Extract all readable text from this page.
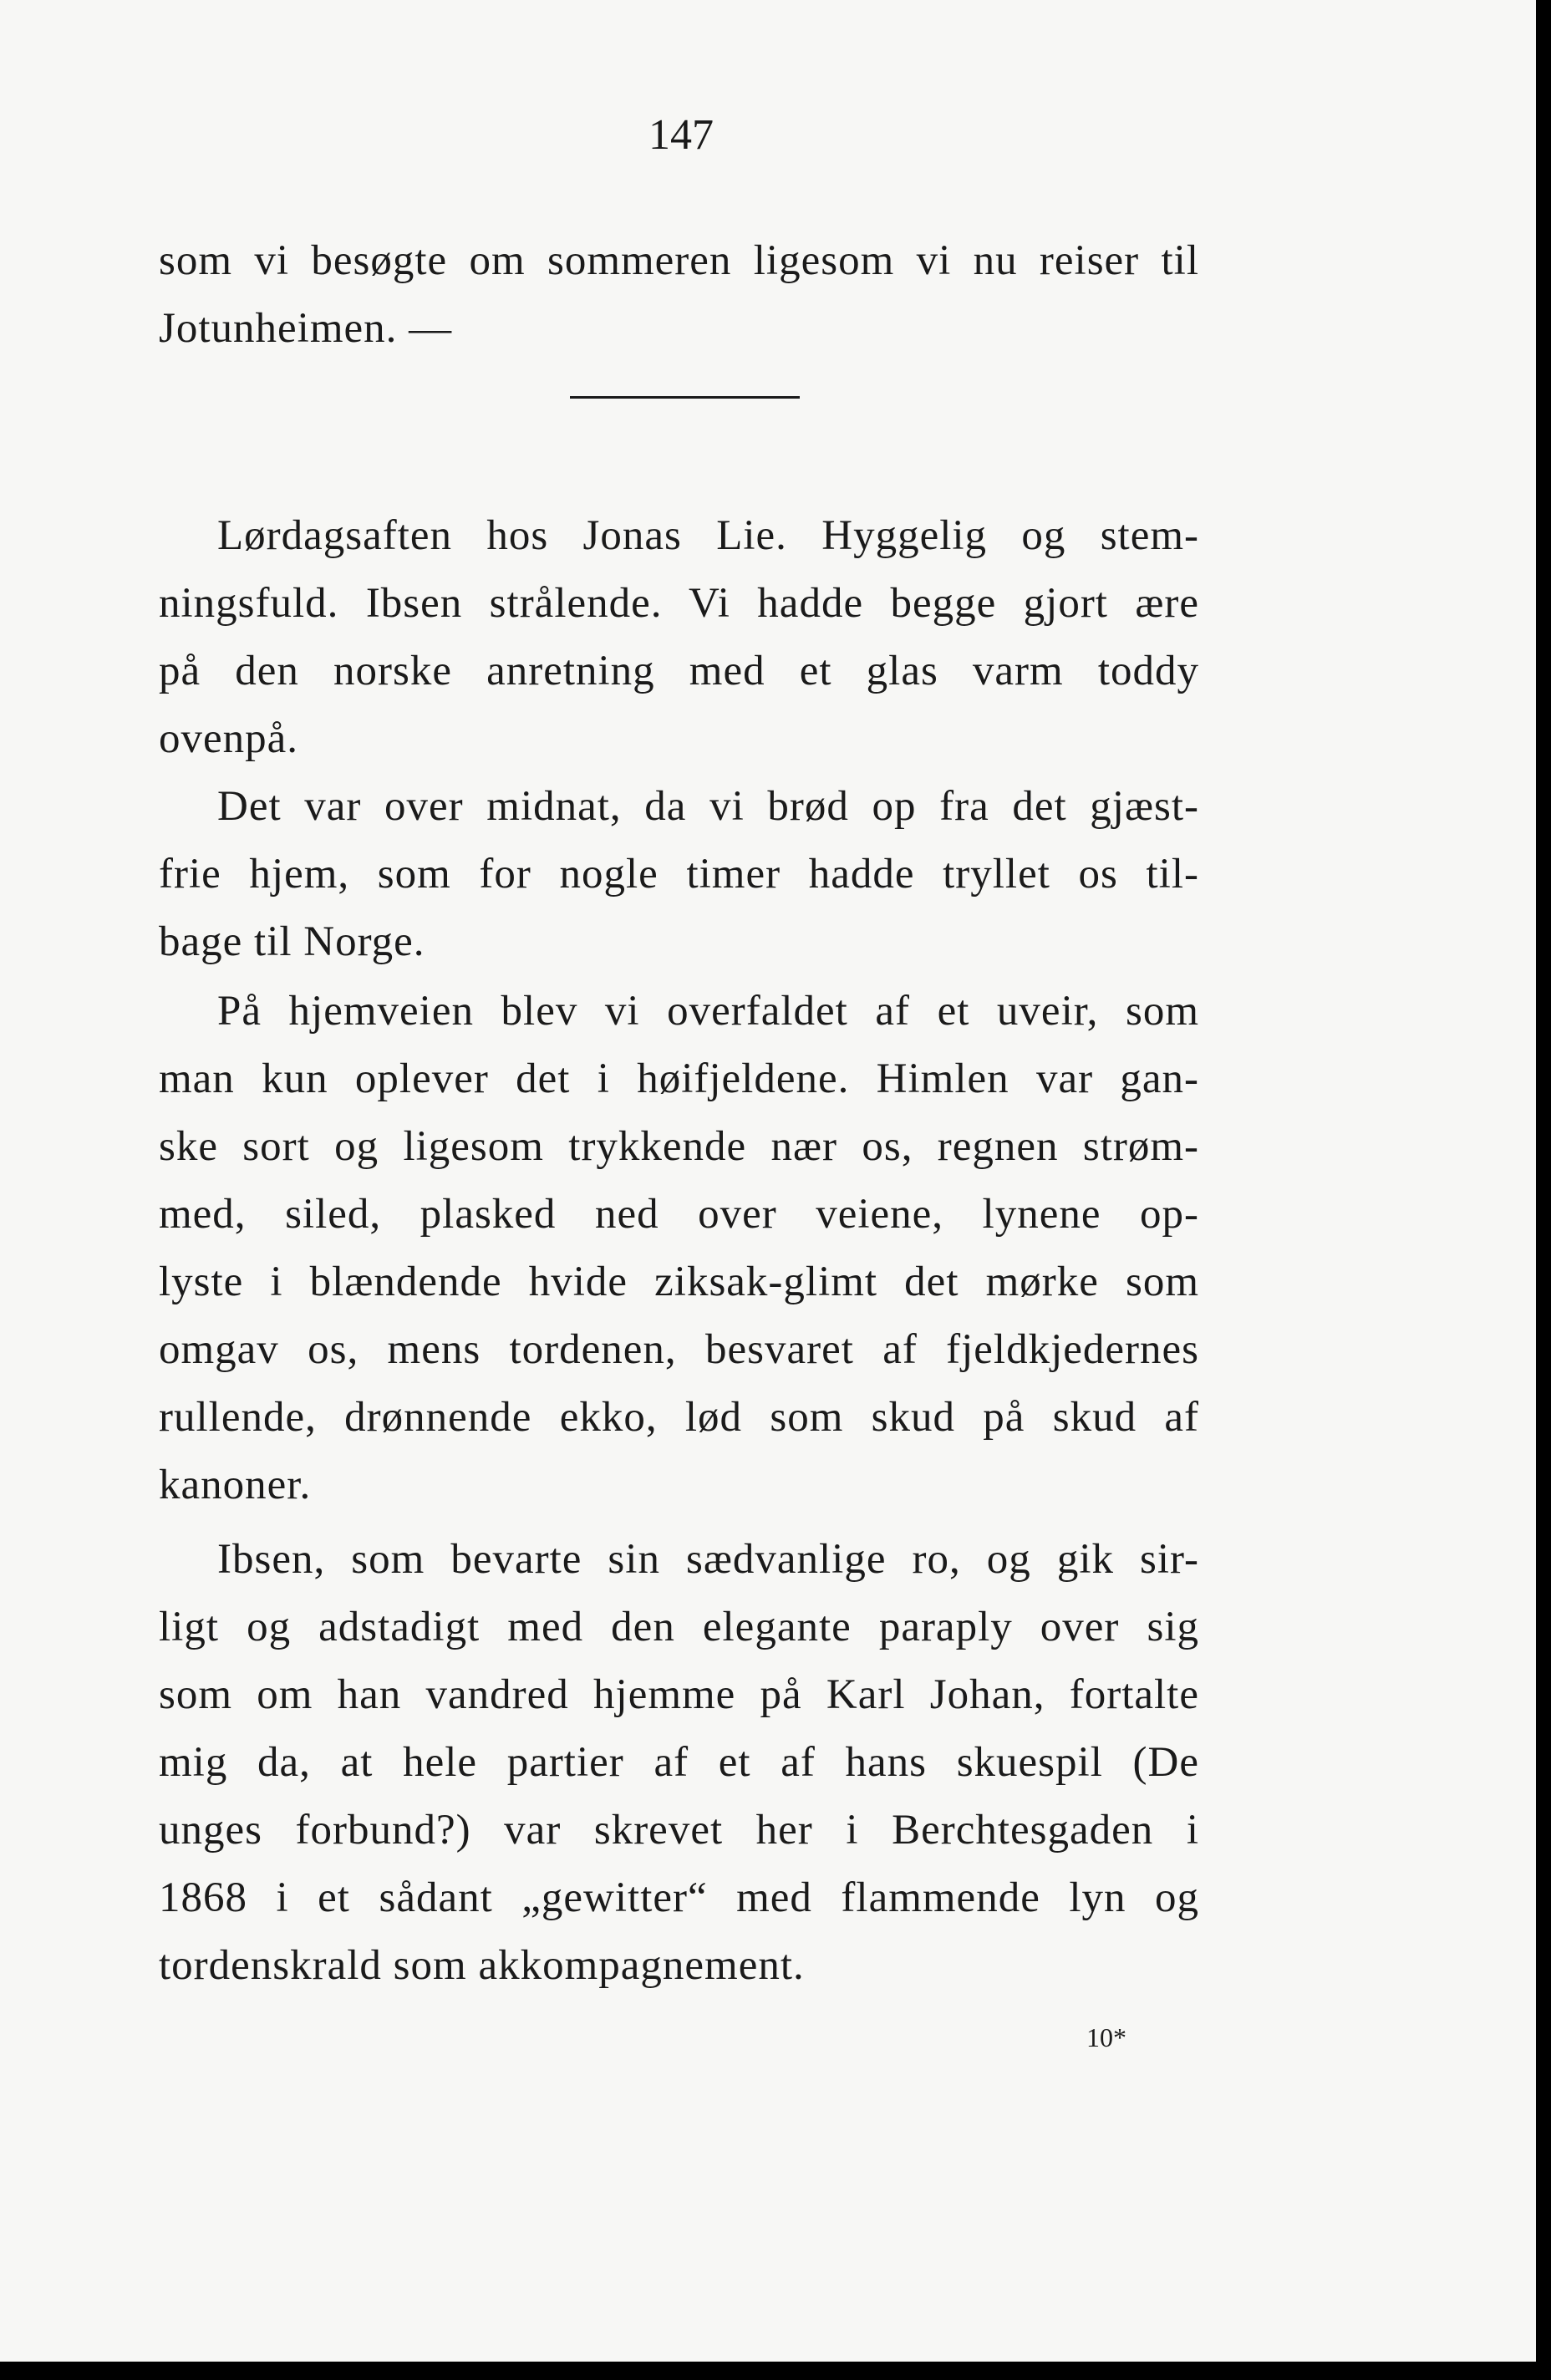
147
som vi besøgte om sommeren ligesom vi nu reiser til
Jotunheimen. —
Lørdagsaften hos Jonas Lie. Hyggelig og stem-
ningsfuld. Ibsen strålende. Vi hadde begge gjort ære
på den norske anretning med et glas varm toddy
ovenpå.
Det var over midnat, da vi brød op fra det gjæst-
frie hjem, som for nogle timer hadde tryllet os til-
bage til Norge.
På hjemveien blev vi overfaldet af et uveir, som
man kun oplever det i høifjeldene. Himlen var gan-
ske sort og ligesom trykkende nær os, regnen strøm-
med, siled, plasked ned over veiene, lynene op-
lyste i blændende hvide ziksak-glimt det mørke som
omgav os, mens tordenen, besvaret af fjeldkjedernes
rullende, drønnende ekko, lød som skud på skud af
kanoner.
Ibsen, som bevarte sin sædvanlige ro, og gik sir-
ligt og adstadigt med den elegante paraply over sig
som om han vandred hjemme på Karl Johan, fortalte
mig da, at hele partier af et af hans skuespil (De
unges forbund?) var skrevet her i Berchtesgaden i
1868 i et sådant „gewitter“ med flammende lyn og
tordenskrald som akkompagnement.
10*
